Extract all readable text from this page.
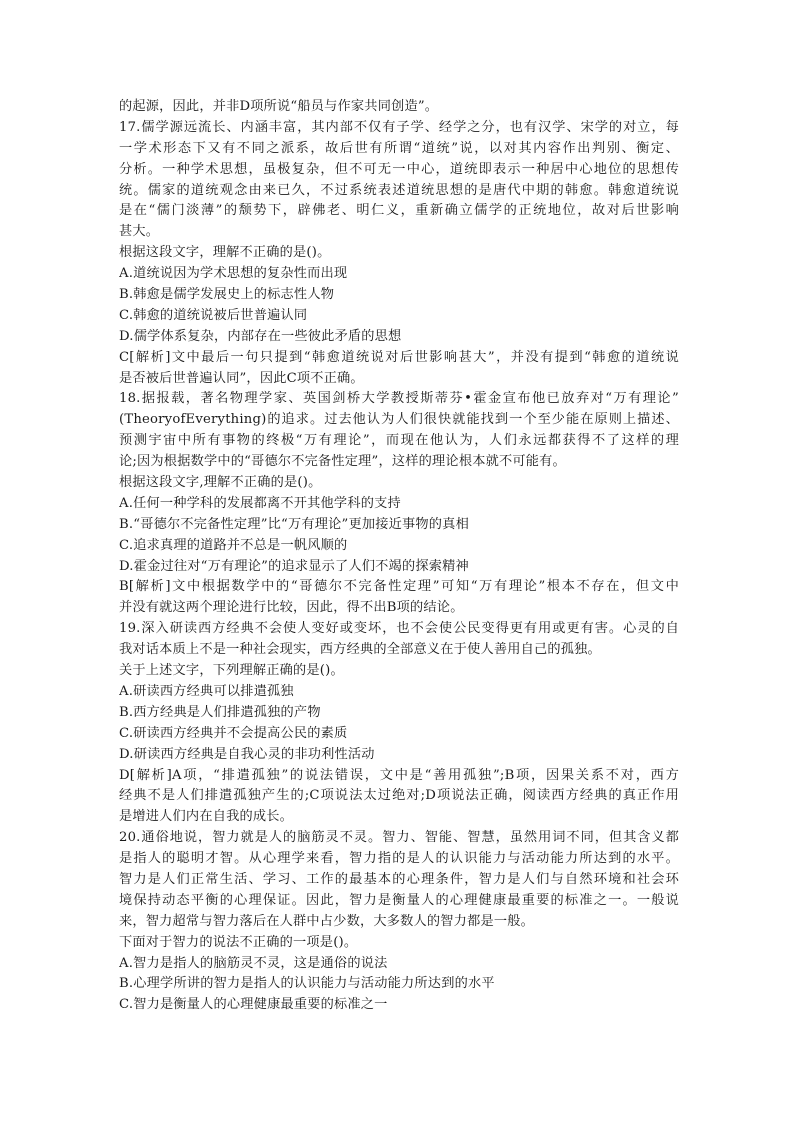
的起源，因此，并非D项所说“船员与作家共同创造”。
17.儒学源远流长、内涵丰富，其内部不仅有子学、经学之分，也有汉学、宋学的对立，每
一学术形态下又有不同之派系，故后世有所谓“道统”说，以对其内容作出判别、衡定、
分析。一种学术思想，虽极复杂，但不可无一中心，道统即表示一种居中心地位的思想传
统。儒家的道统观念由来已久，不过系统表述道统思想的是唐代中期的韩愈。韩愈道统说
是在“儒门淡薄”的颓势下，辟佛老、明仁义，重新确立儒学的正统地位，故对后世影响
甚大。
根据这段文字，理解不正确的是()。
A.道统说因为学术思想的复杂性而出现
B.韩愈是儒学发展史上的标志性人物
C.韩愈的道统说被后世普遍认同
D.儒学体系复杂，内部存在一些彼此矛盾的思想
C[解析]文中最后一句只提到“韩愈道统说对后世影响甚大”，并没有提到“韩愈的道统说
是否被后世普遍认同”，因此C项不正确。
18.据报载，著名物理学家、英国剑桥大学教授斯蒂芬•霍金宣布他已放弃对“万有理论”
(TheoryofEverything)的追求。过去他认为人们很快就能找到一个至少能在原则上描述、
预测宇宙中所有事物的终极“万有理论”，而现在他认为，人们永远都获得不了这样的理
论;因为根据数学中的“哥德尔不完备性定理”，这样的理论根本就不可能有。
根据这段文字,理解不正确的是()。
A.任何一种学科的发展都离不开其他学科的支持
B.“哥德尔不完备性定理”比“万有理论”更加接近事物的真相
C.追求真理的道路并不总是一帆风顺的
D.霍金过往对“万有理论”的追求显示了人们不竭的探索精神
B[解析]文中根据数学中的“哥德尔不完备性定理”可知“万有理论”根本不存在，但文中
并没有就这两个理论进行比较，因此，得不出B项的结论。
19.深入研读西方经典不会使人变好或变坏，也不会使公民变得更有用或更有害。心灵的自
我对话本质上不是一种社会现实，西方经典的全部意义在于使人善用自己的孤独。
关于上述文字，下列理解正确的是()。
A.研读西方经典可以排遣孤独
B.西方经典是人们排遣孤独的产物
C.研读西方经典并不会提高公民的素质
D.研读西方经典是自我心灵的非功利性活动
D[解析]A项，“排遣孤独”的说法错误，文中是“善用孤独”;B项，因果关系不对，西方
经典不是人们排遣孤独产生的;C项说法太过绝对;D项说法正确，阅读西方经典的真正作用
是增进人们内在自我的成长。
20.通俗地说，智力就是人的脑筋灵不灵。智力、智能、智慧，虽然用词不同，但其含义都
是指人的聪明才智。从心理学来看，智力指的是人的认识能力与活动能力所达到的水平。
智力是人们正常生活、学习、工作的最基本的心理条件，智力是人们与自然环境和社会环
境保持动态平衡的心理保证。因此，智力是衡量人的心理健康最重要的标准之一。一般说
来，智力超常与智力落后在人群中占少数，大多数人的智力都是一般。
下面对于智力的说法不正确的一项是()。
A.智力是指人的脑筋灵不灵，这是通俗的说法
B.心理学所讲的智力是指人的认识能力与活动能力所达到的水平
C.智力是衡量人的心理健康最重要的标准之一
